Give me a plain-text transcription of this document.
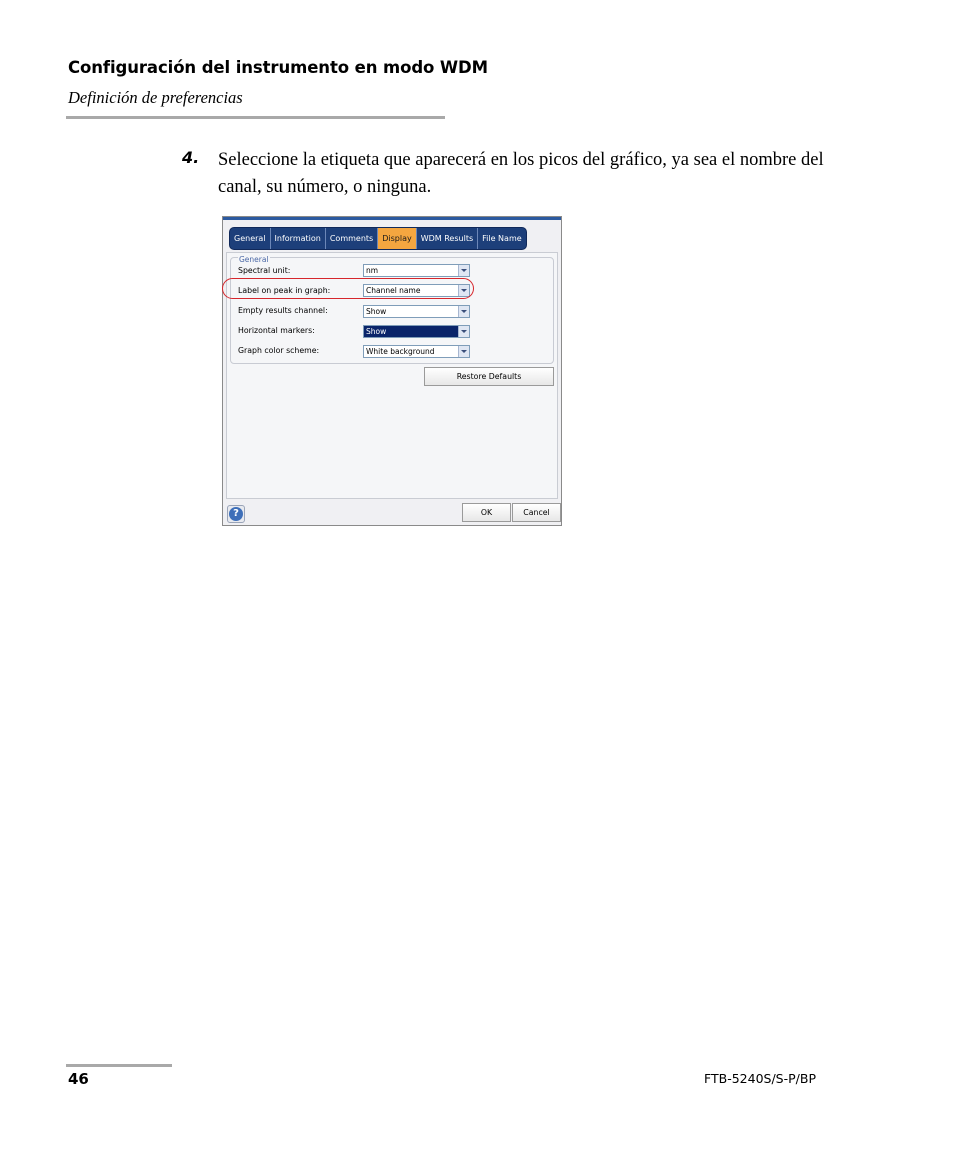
Configuración del instrumento en modo WDM
Definición de preferencias
4. Seleccione la etiqueta que aparecerá en los picos del gráfico, ya sea el nombre del canal, su número, o ninguna.
General	Information	Comments	Display	WDM Results	File Name
General
Spectral unit:	nm
Label on peak in graph:	Channel name
Empty results channel:	Show
Horizontal markers:	Show
Graph color scheme:	White background
Restore Defaults
?	OK	Cancel
46	FTB-5240S/S-P/BP
